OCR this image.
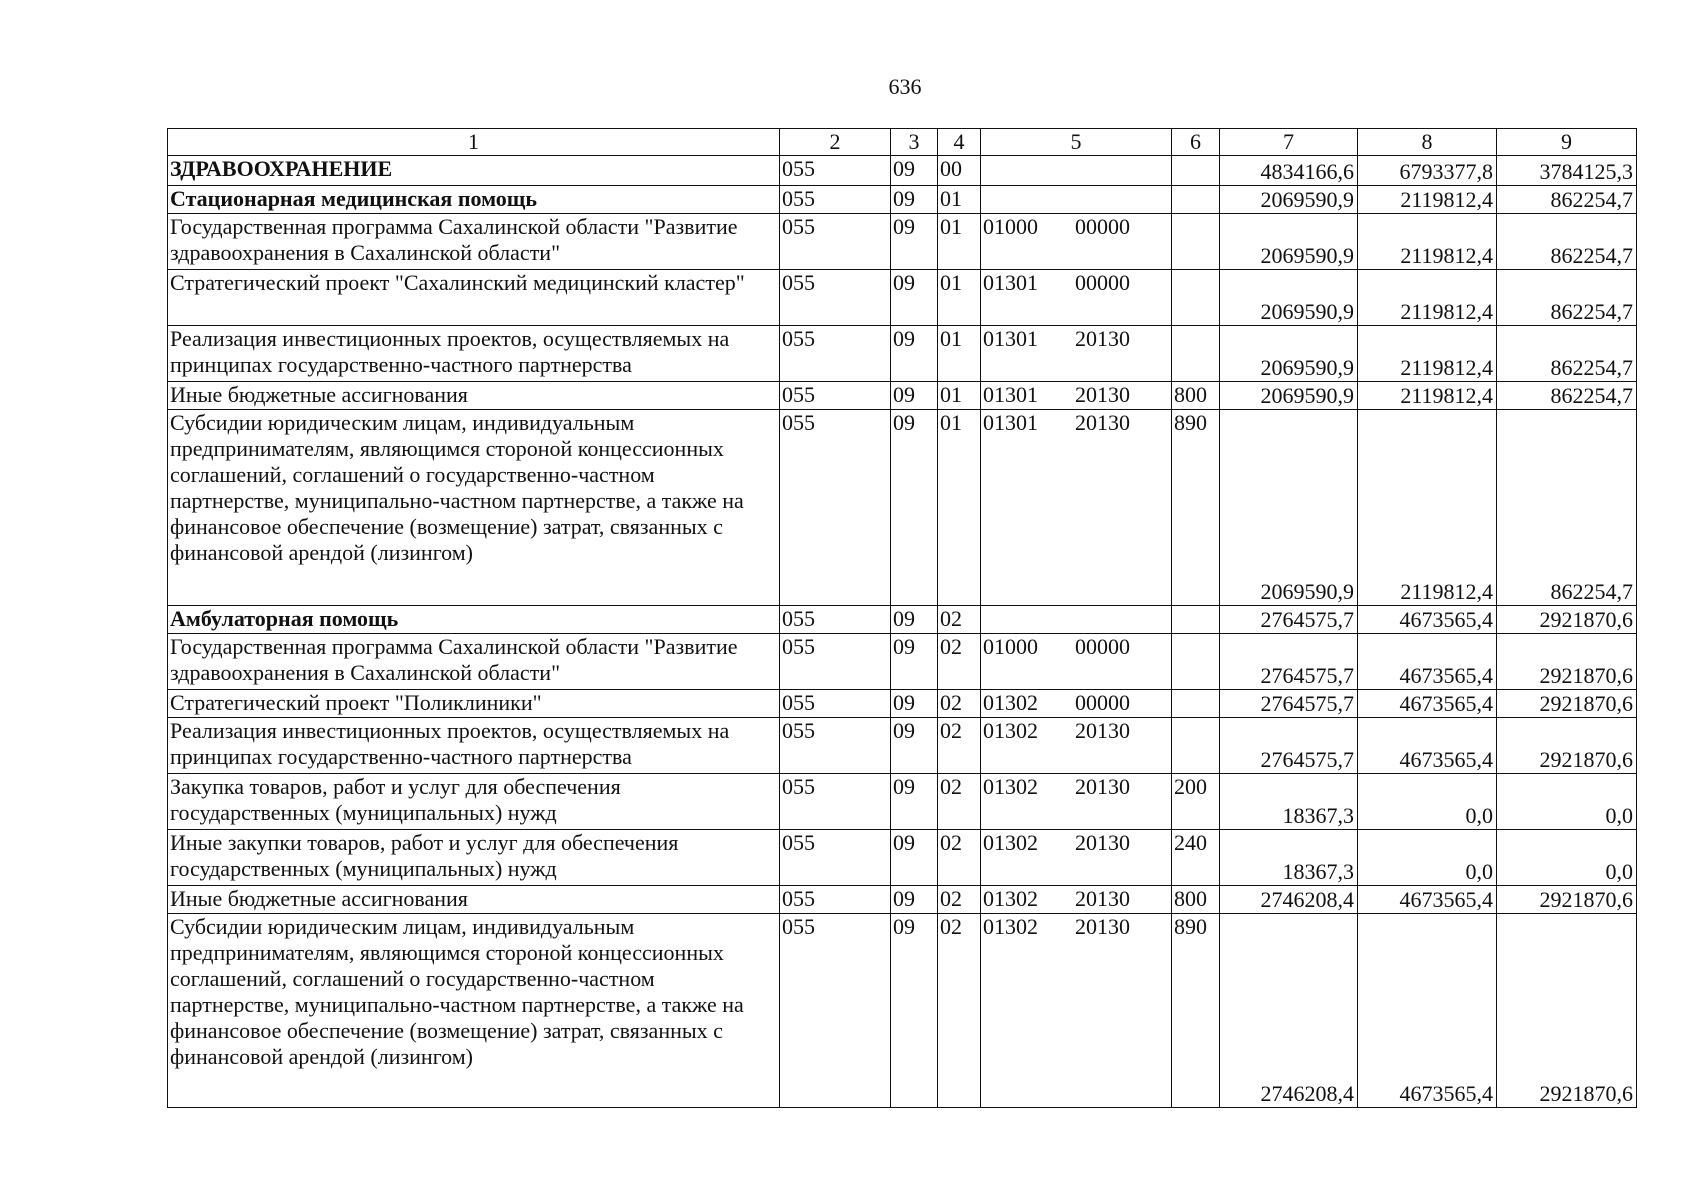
636
1	2	3	4	5	6	7	8	9
ЗДРАВООХРАНЕНИЕ	055	09	00			4834166,6	6793377,8	3784125,3
Стационарная медицинская помощь	055	09	01			2069590,9	2119812,4	862254,7
Государственная программа Сахалинской области "Развитие здравоохранения в Сахалинской области"	055	09	01	01000 00000		2069590,9	2119812,4	862254,7
Стратегический проект "Сахалинский медицинский кластер"	055	09	01	01301 00000		2069590,9	2119812,4	862254,7
Реализация инвестиционных проектов, осуществляемых на принципах государственно-частного партнерства	055	09	01	01301 20130		2069590,9	2119812,4	862254,7
Иные бюджетные ассигнования	055	09	01	01301 20130	800	2069590,9	2119812,4	862254,7
Субсидии юридическим лицам, индивидуальным предпринимателям, являющимся стороной концессионных соглашений, соглашений о государственно-частном партнерстве, муниципально-частном партнерстве, а также на финансовое обеспечение (возмещение) затрат, связанных с финансовой арендой (лизингом)	055	09	01	01301 20130	890	2069590,9	2119812,4	862254,7
Амбулаторная помощь	055	09	02			2764575,7	4673565,4	2921870,6
Государственная программа Сахалинской области "Развитие здравоохранения в Сахалинской области"	055	09	02	01000 00000		2764575,7	4673565,4	2921870,6
Стратегический проект "Поликлиники"	055	09	02	01302 00000		2764575,7	4673565,4	2921870,6
Реализация инвестиционных проектов, осуществляемых на принципах государственно-частного партнерства	055	09	02	01302 20130		2764575,7	4673565,4	2921870,6
Закупка товаров, работ и услуг для обеспечения государственных (муниципальных) нужд	055	09	02	01302 20130	200	18367,3	0,0	0,0
Иные закупки товаров, работ и услуг для обеспечения государственных (муниципальных) нужд	055	09	02	01302 20130	240	18367,3	0,0	0,0
Иные бюджетные ассигнования	055	09	02	01302 20130	800	2746208,4	4673565,4	2921870,6
Субсидии юридическим лицам, индивидуальным предпринимателям, являющимся стороной концессионных соглашений, соглашений о государственно-частном партнерстве, муниципально-частном партнерстве, а также на финансовое обеспечение (возмещение) затрат, связанных с финансовой арендой (лизингом)	055	09	02	01302 20130	890	2746208,4	4673565,4	2921870,6
